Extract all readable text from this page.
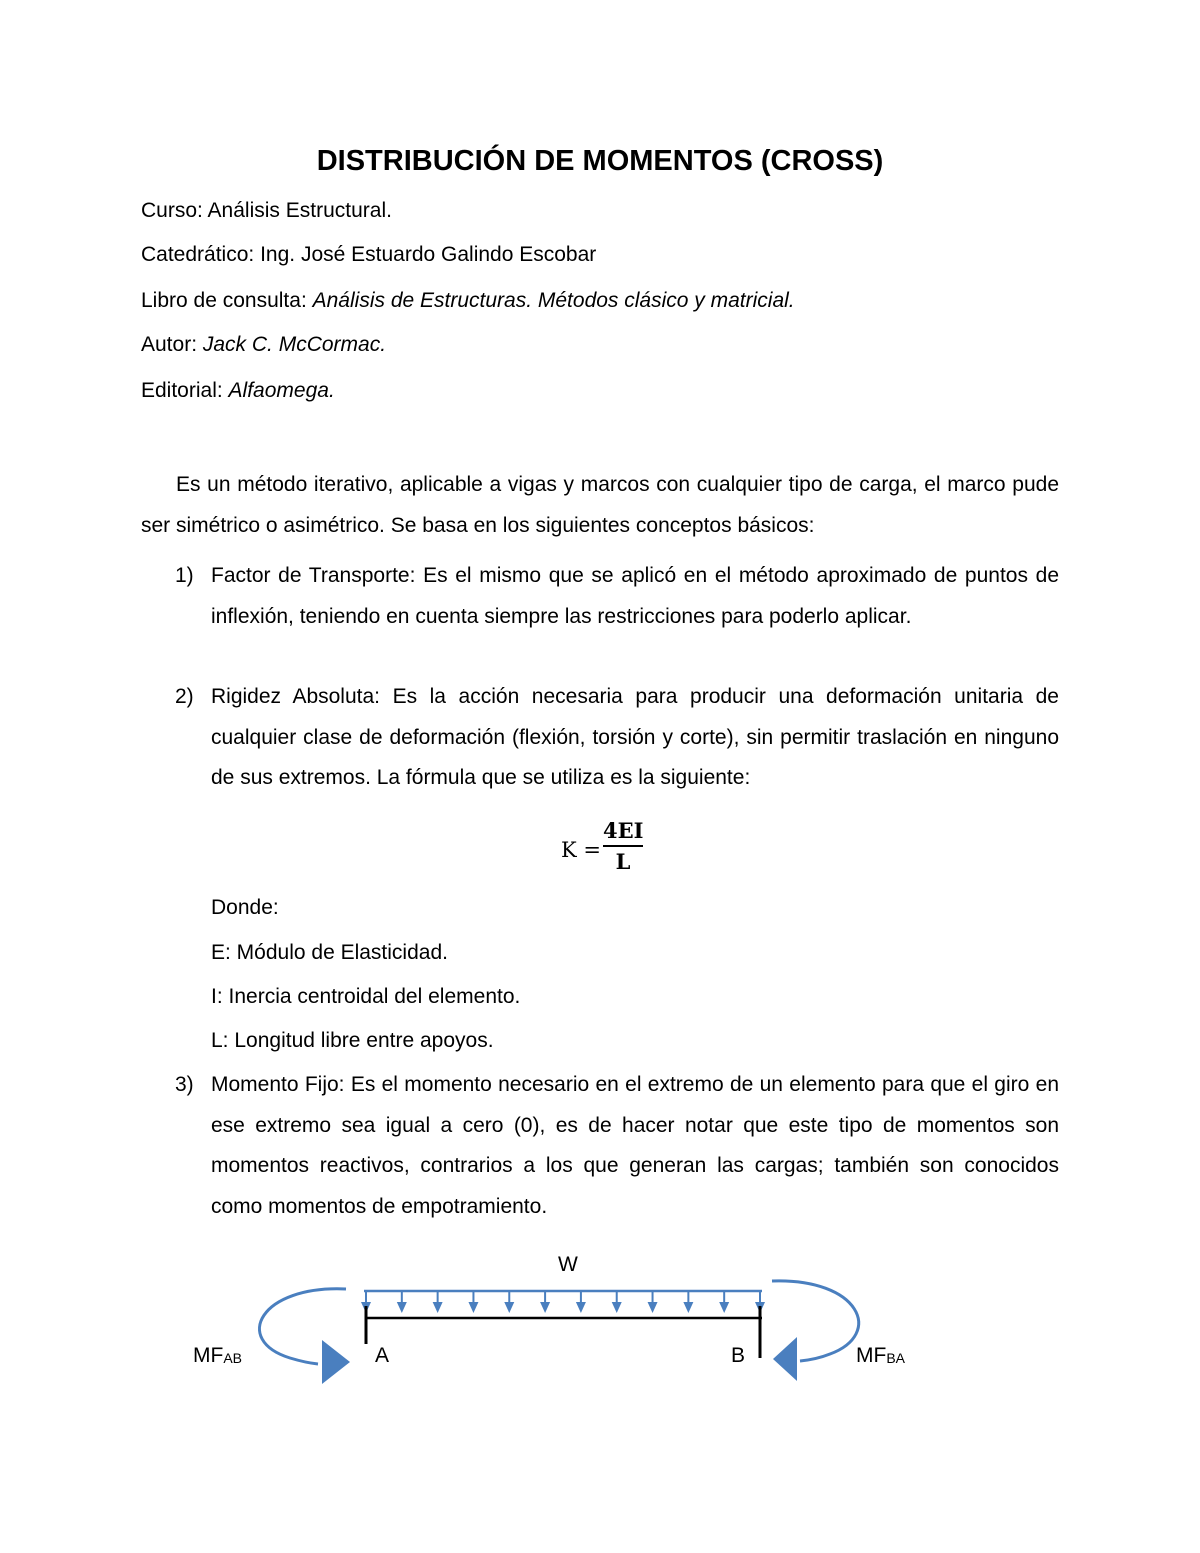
DISTRIBUCIÓN DE MOMENTOS (CROSS)
Curso: Análisis Estructural.
Catedrático: Ing. José Estuardo Galindo Escobar
Libro de consulta: Análisis de Estructuras. Métodos clásico y matricial.
Autor: Jack C. McCormac.
Editorial: Alfaomega.
Es un método iterativo, aplicable a vigas y marcos con cualquier tipo de carga, el marco pude ser simétrico o asimétrico. Se basa en los siguientes conceptos básicos:
1) Factor de Transporte: Es el mismo que se aplicó en el método aproximado de puntos de inflexión, teniendo en cuenta siempre las restricciones para poderlo aplicar.
2) Rigidez Absoluta: Es la acción necesaria para producir una deformación unitaria de cualquier clase de deformación (flexión, torsión y corte), sin permitir traslación en ninguno de sus extremos. La fórmula que se utiliza es la siguiente:
$K = \frac{4EI}{L}$
Donde:
E: Módulo de Elasticidad.
I: Inercia centroidal del elemento.
L: Longitud libre entre apoyos.
3) Momento Fijo: Es el momento necesario en el extremo de un elemento para que el giro en ese extremo sea igual a cero (0), es de hacer notar que este tipo de momentos son momentos reactivos, contrarios a los que generan las cargas; también son conocidos como momentos de empotramiento.
W
A	B
MFAB	MFBA
